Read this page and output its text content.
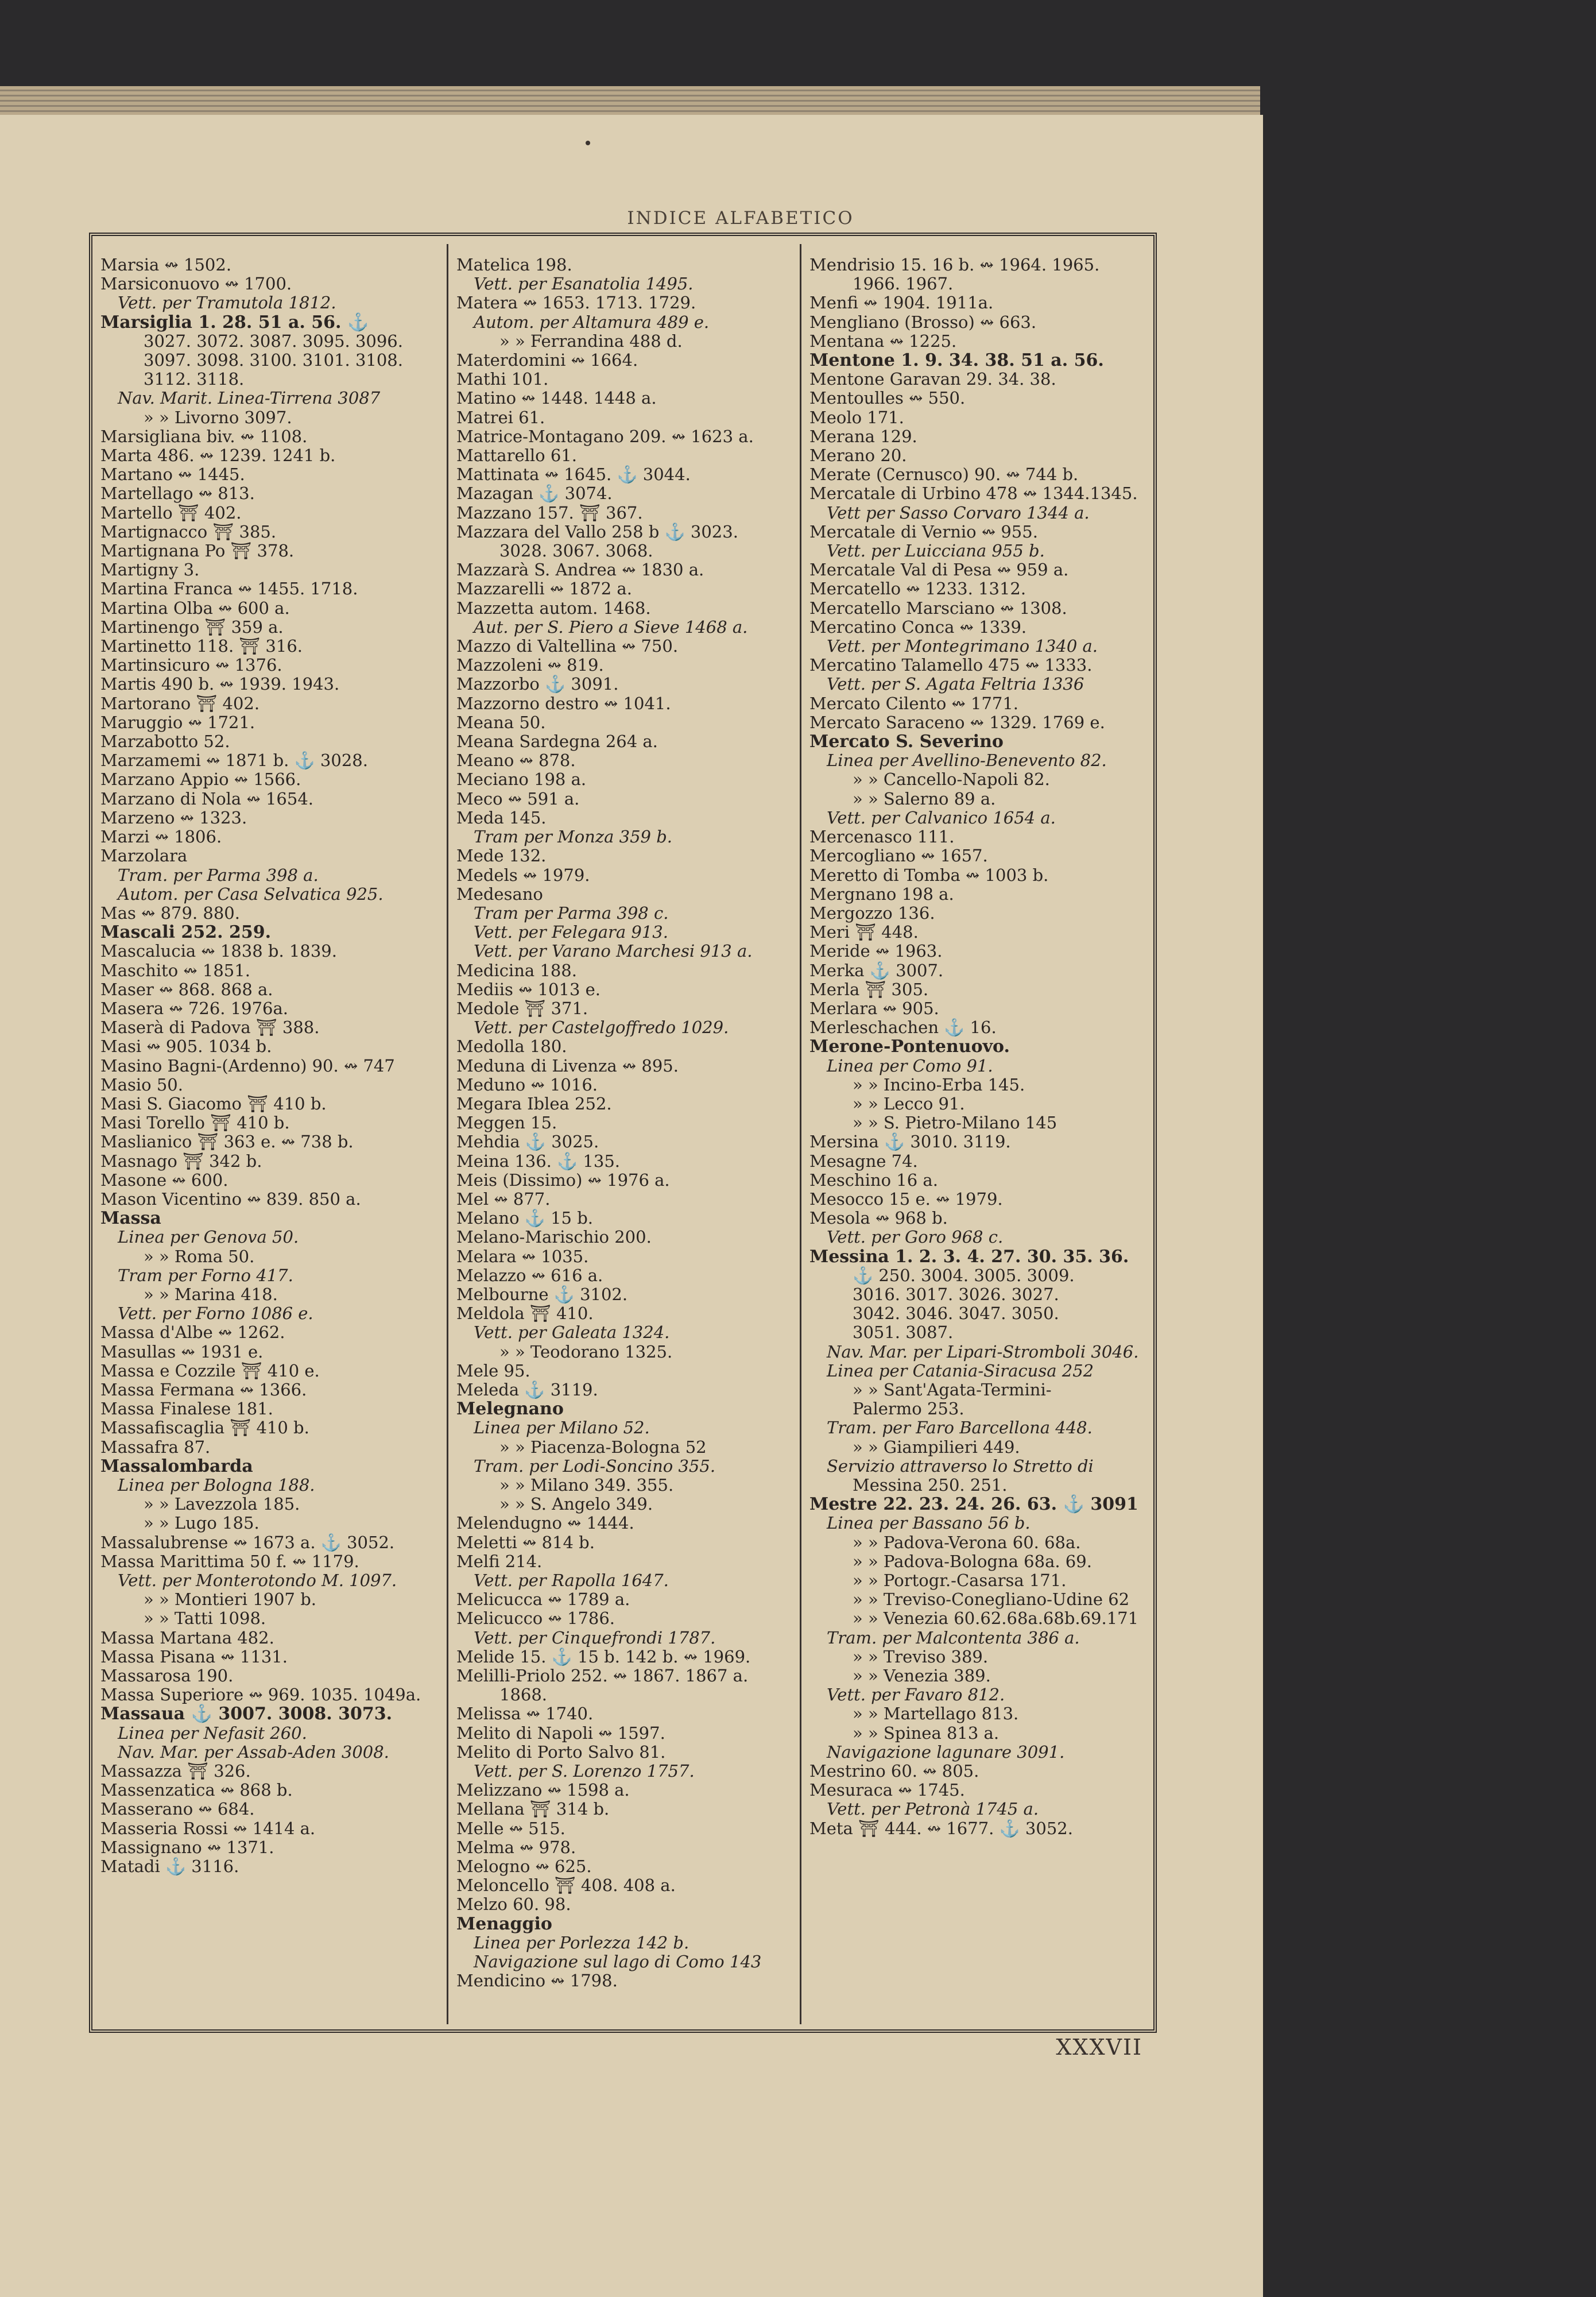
INDICE ALFABETICO
Marsia ↭ 1502.
Marsiconuovo ↭ 1700.
Vett. per Tramutola 1812.
Marsiglia 1. 28. 51 a. 56. ⚓
3027. 3072. 3087. 3095. 3096.
3097. 3098. 3100. 3101. 3108.
3112. 3118.
Nav. Marit. Linea-Tirrena 3087
» » Livorno 3097.
Marsigliana biv. ↭ 1108.
Marta 486. ↭ 1239. 1241 b.
Martano ↭ 1445.
Martellago ↭ 813.
Martello ⛩ 402.
Martignacco ⛩ 385.
Martignana Po ⛩ 378.
Martigny 3.
Martina Franca ↭ 1455. 1718.
Martina Olba ↭ 600 a.
Martinengo ⛩ 359 a.
Martinetto 118. ⛩ 316.
Martinsicuro ↭ 1376.
Martis 490 b. ↭ 1939. 1943.
Martorano ⛩ 402.
Maruggio ↭ 1721.
Marzabotto 52.
Marzamemi ↭ 1871 b. ⚓ 3028.
Marzano Appio ↭ 1566.
Marzano di Nola ↭ 1654.
Marzeno ↭ 1323.
Marzi ↭ 1806.
Marzolara
Tram. per Parma 398 a.
Autom. per Casa Selvatica 925.
Mas ↭ 879. 880.
Mascali 252. 259.
Mascalucia ↭ 1838 b. 1839.
Maschito ↭ 1851.
Maser ↭ 868. 868 a.
Masera ↭ 726. 1976a.
Maserà di Padova ⛩ 388.
Masi ↭ 905. 1034 b.
Masino Bagni-(Ardenno) 90. ↭ 747
Masio 50.
Masi S. Giacomo ⛩ 410 b.
Masi Torello ⛩ 410 b.
Maslianico ⛩ 363 e. ↭ 738 b.
Masnago ⛩ 342 b.
Masone ↭ 600.
Mason Vicentino ↭ 839. 850 a.
Massa
Linea per Genova 50.
» » Roma 50.
Tram per Forno 417.
» » Marina 418.
Vett. per Forno 1086 e.
Massa d'Albe ↭ 1262.
Masullas ↭ 1931 e.
Massa e Cozzile ⛩ 410 e.
Massa Fermana ↭ 1366.
Massa Finalese 181.
Massafiscaglia ⛩ 410 b.
Massafra 87.
Massalombarda
Linea per Bologna 188.
» » Lavezzola 185.
» » Lugo 185.
Massalubrense ↭ 1673 a. ⚓ 3052.
Massa Marittima 50 f. ↭ 1179.
Vett. per Monterotondo M. 1097.
» » Montieri 1907 b.
» » Tatti 1098.
Massa Martana 482.
Massa Pisana ↭ 1131.
Massarosa 190.
Massa Superiore ↭ 969. 1035. 1049a.
Massaua ⚓ 3007. 3008. 3073.
Linea per Nefasit 260.
Nav. Mar. per Assab-Aden 3008.
Massazza ⛩ 326.
Massenzatica ↭ 868 b.
Masserano ↭ 684.
Masseria Rossi ↭ 1414 a.
Massignano ↭ 1371.
Matadi ⚓ 3116.
Matelica 198.
Vett. per Esanatolia 1495.
Matera ↭ 1653. 1713. 1729.
Autom. per Altamura 489 e.
» » Ferrandina 488 d.
Materdomini ↭ 1664.
Mathi 101.
Matino ↭ 1448. 1448 a.
Matrei 61.
Matrice-Montagano 209. ↭ 1623 a.
Mattarello 61.
Mattinata ↭ 1645. ⚓ 3044.
Mazagan ⚓ 3074.
Mazzano 157. ⛩ 367.
Mazzara del Vallo 258 b ⚓ 3023.
3028. 3067. 3068.
Mazzarà S. Andrea ↭ 1830 a.
Mazzarelli ↭ 1872 a.
Mazzetta autom. 1468.
Aut. per S. Piero a Sieve 1468 a.
Mazzo di Valtellina ↭ 750.
Mazzoleni ↭ 819.
Mazzorbo ⚓ 3091.
Mazzorno destro ↭ 1041.
Meana 50.
Meana Sardegna 264 a.
Meano ↭ 878.
Meciano 198 a.
Meco ↭ 591 a.
Meda 145.
Tram per Monza 359 b.
Mede 132.
Medels ↭ 1979.
Medesano
Tram per Parma 398 c.
Vett. per Felegara 913.
Vett. per Varano Marchesi 913 a.
Medicina 188.
Mediis ↭ 1013 e.
Medole ⛩ 371.
Vett. per Castelgoffredo 1029.
Medolla 180.
Meduna di Livenza ↭ 895.
Meduno ↭ 1016.
Megara Iblea 252.
Meggen 15.
Mehdia ⚓ 3025.
Meina 136. ⚓ 135.
Meis (Dissimo) ↭ 1976 a.
Mel ↭ 877.
Melano ⚓ 15 b.
Melano-Marischio 200.
Melara ↭ 1035.
Melazzo ↭ 616 a.
Melbourne ⚓ 3102.
Meldola ⛩ 410.
Vett. per Galeata 1324.
» » Teodorano 1325.
Mele 95.
Meleda ⚓ 3119.
Melegnano
Linea per Milano 52.
» » Piacenza-Bologna 52
Tram. per Lodi-Soncino 355.
» » Milano 349. 355.
» » S. Angelo 349.
Melendugno ↭ 1444.
Meletti ↭ 814 b.
Melfi 214.
Vett. per Rapolla 1647.
Melicucca ↭ 1789 a.
Melicucco ↭ 1786.
Vett. per Cinquefrondi 1787.
Melide 15. ⚓ 15 b. 142 b. ↭ 1969.
Melilli-Priolo 252. ↭ 1867. 1867 a.
1868.
Melissa ↭ 1740.
Melito di Napoli ↭ 1597.
Melito di Porto Salvo 81.
Vett. per S. Lorenzo 1757.
Melizzano ↭ 1598 a.
Mellana ⛩ 314 b.
Melle ↭ 515.
Melma ↭ 978.
Melogno ↭ 625.
Meloncello ⛩ 408. 408 a.
Melzo 60. 98.
Menaggio
Linea per Porlezza 142 b.
Navigazione sul lago di Como 143
Mendicino ↭ 1798.
Mendrisio 15. 16 b. ↭ 1964. 1965.
1966. 1967.
Menfi ↭ 1904. 1911a.
Mengliano (Brosso) ↭ 663.
Mentana ↭ 1225.
Mentone 1. 9. 34. 38. 51 a. 56.
Mentone Garavan 29. 34. 38.
Mentoulles ↭ 550.
Meolo 171.
Merana 129.
Merano 20.
Merate (Cernusco) 90. ↭ 744 b.
Mercatale di Urbino 478 ↭ 1344.1345.
Vett per Sasso Corvaro 1344 a.
Mercatale di Vernio ↭ 955.
Vett. per Luicciana 955 b.
Mercatale Val di Pesa ↭ 959 a.
Mercatello ↭ 1233. 1312.
Mercatello Marsciano ↭ 1308.
Mercatino Conca ↭ 1339.
Vett. per Montegrimano 1340 a.
Mercatino Talamello 475 ↭ 1333.
Vett. per S. Agata Feltria 1336
Mercato Cilento ↭ 1771.
Mercato Saraceno ↭ 1329. 1769 e.
Mercato S. Severino
Linea per Avellino-Benevento 82.
» » Cancello-Napoli 82.
» » Salerno 89 a.
Vett. per Calvanico 1654 a.
Mercenasco 111.
Mercogliano ↭ 1657.
Meretto di Tomba ↭ 1003 b.
Mergnano 198 a.
Mergozzo 136.
Meri ⛩ 448.
Meride ↭ 1963.
Merka ⚓ 3007.
Merla ⛩ 305.
Merlara ↭ 905.
Merleschachen ⚓ 16.
Merone-Pontenuovo.
Linea per Como 91.
» » Incino-Erba 145.
» » Lecco 91.
» » S. Pietro-Milano 145
Mersina ⚓ 3010. 3119.
Mesagne 74.
Meschino 16 a.
Mesocco 15 e. ↭ 1979.
Mesola ↭ 968 b.
Vett. per Goro 968 c.
Messina 1. 2. 3. 4. 27. 30. 35. 36.
⚓ 250. 3004. 3005. 3009.
3016. 3017. 3026. 3027.
3042. 3046. 3047. 3050.
3051. 3087.
Nav. Mar. per Lipari-Stromboli 3046.
Linea per Catania-Siracusa 252
» » Sant'Agata-Termini-
Palermo 253.
Tram. per Faro Barcellona 448.
» » Giampilieri 449.
Servizio attraverso lo Stretto di
Messina 250. 251.
Mestre 22. 23. 24. 26. 63. ⚓ 3091
Linea per Bassano 56 b.
» » Padova-Verona 60. 68a.
» » Padova-Bologna 68a. 69.
» » Portogr.-Casarsa 171.
» » Treviso-Conegliano-Udine 62
» » Venezia 60.62.68a.68b.69.171
Tram. per Malcontenta 386 a.
» » Treviso 389.
» » Venezia 389.
Vett. per Favaro 812.
» » Martellago 813.
» » Spinea 813 a.
Navigazione lagunare 3091.
Mestrino 60. ↭ 805.
Mesuraca ↭ 1745.
Vett. per Petronà 1745 a.
Meta ⛩ 444. ↭ 1677. ⚓ 3052.
XXXVII
